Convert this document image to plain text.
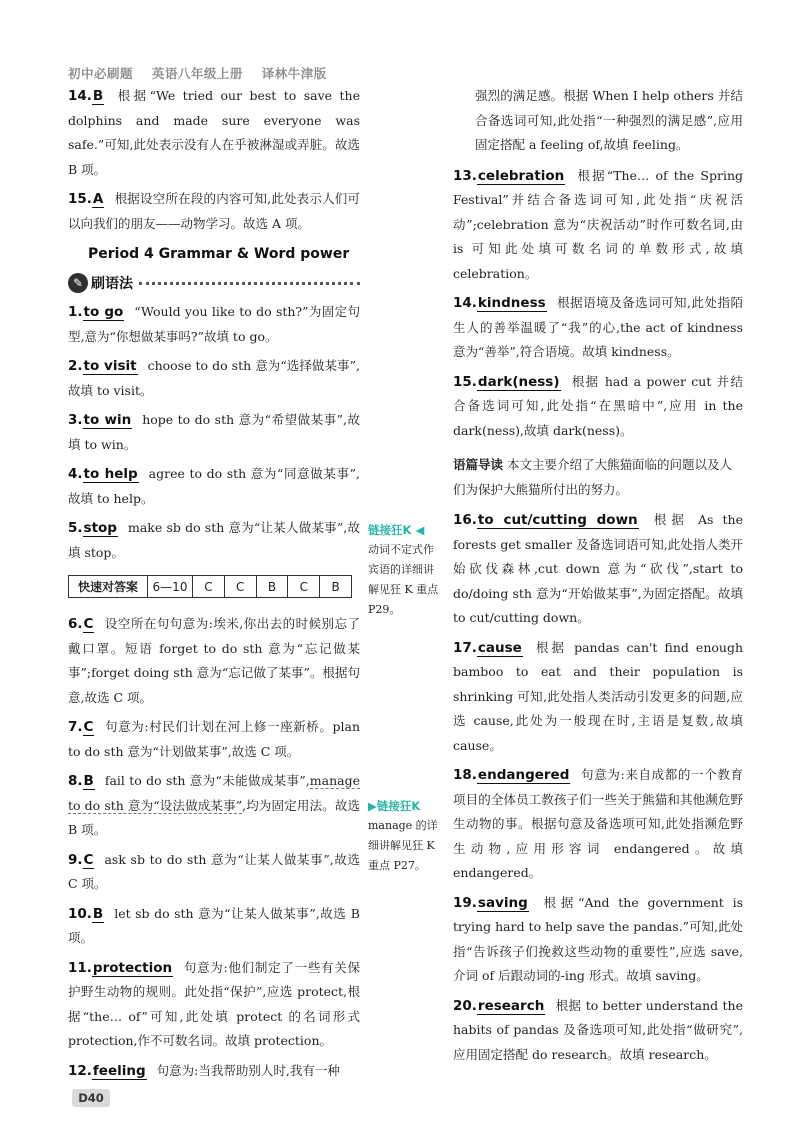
初中必刷题 英语八年级上册 译林牛津版
14.B 根据“We tried our best to save the dolphins and made sure everyone was safe.”可知,此处表示没有人在乎被淋湿或弄脏。故选 B 项。
15.A 根据设空所在段的内容可知,此处表示人们可以向我们的朋友——动物学习。故选 A 项。
Period 4 Grammar & Word power
✎ 刷语法
1.to go “Would you like to do sth?”为固定句型,意为“你想做某事吗?”故填 to go。
2.to visit choose to do sth 意为“选择做某事”,故填 to visit。
3.to win hope to do sth 意为“希望做某事”,故填 to win。
4.to help agree to do sth 意为“同意做某事”,故填 to help。
5.stop make sb do sth 意为“让某人做某事”,故填 stop。
快速对答案	6—10	C	C	B	C	B
6.C 设空所在句句意为:埃米,你出去的时候别忘了戴口罩。短语 forget to do sth 意为“忘记做某事”;forget doing sth 意为“忘记做了某事”。根据句意,故选 C 项。
7.C 句意为:村民们计划在河上修一座新桥。plan to do sth 意为“计划做某事”,故选 C 项。
8.B fail to do sth 意为“未能做成某事”,manage to do sth 意为“设法做成某事”,均为固定用法。故选 B 项。
9.C ask sb to do sth 意为“让某人做某事”,故选 C 项。
10.B let sb do sth 意为“让某人做某事”,故选 B 项。
11.protection 句意为:他们制定了一些有关保护野生动物的规则。此处指“保护”,应选 protect,根据“the… of”可知,此处填 protect 的名词形式 protection,作不可数名词。故填 protection。
12.feeling 句意为:当我帮助别人时,我有一种
链接狂K ◀
动词不定式作宾语的详细讲解见狂 K 重点 P29。
▶链接狂K
manage 的详细讲解见狂 K 重点 P27。
强烈的满足感。根据 When I help others 并结合备选词可知,此处指“一种强烈的满足感”,应用固定搭配 a feeling of,故填 feeling。
13.celebration 根据“The… of the Spring Festival”并结合备选词可知,此处指“庆祝活动”;celebration 意为“庆祝活动”时作可数名词,由 is 可知此处填可数名词的单数形式,故填 celebration。
14.kindness 根据语境及备选词可知,此处指陌生人的善举温暖了“我”的心,the act of kindness 意为“善举”,符合语境。故填 kindness。
15.dark(ness) 根据 had a power cut 并结合备选词可知,此处指“在黑暗中”,应用 in the dark(ness),故填 dark(ness)。
语篇导读 本文主要介绍了大熊猫面临的问题以及人们为保护大熊猫所付出的努力。
16.to cut/cutting down 根据 As the forests get smaller 及备选词语可知,此处指人类开始砍伐森林,cut down 意为“砍伐”,start to do/doing sth 意为“开始做某事”,为固定搭配。故填 to cut/cutting down。
17.cause 根据 pandas can't find enough bamboo to eat and their population is shrinking 可知,此处指人类活动引发更多的问题,应选 cause,此处为一般现在时,主语是复数,故填 cause。
18.endangered 句意为:来自成都的一个教育项目的全体员工教孩子们一些关于熊猫和其他濒危野生动物的事。根据句意及备选项可知,此处指濒危野生动物,应用形容词 endangered。故填 endangered。
19.saving 根据“And the government is trying hard to help save the pandas.”可知,此处指“告诉孩子们挽救这些动物的重要性”,应选 save,介词 of 后跟动词的-ing 形式。故填 saving。
20.research 根据 to better understand the habits of pandas 及备选项可知,此处指“做研究”,应用固定搭配 do research。故填 research。
D40
